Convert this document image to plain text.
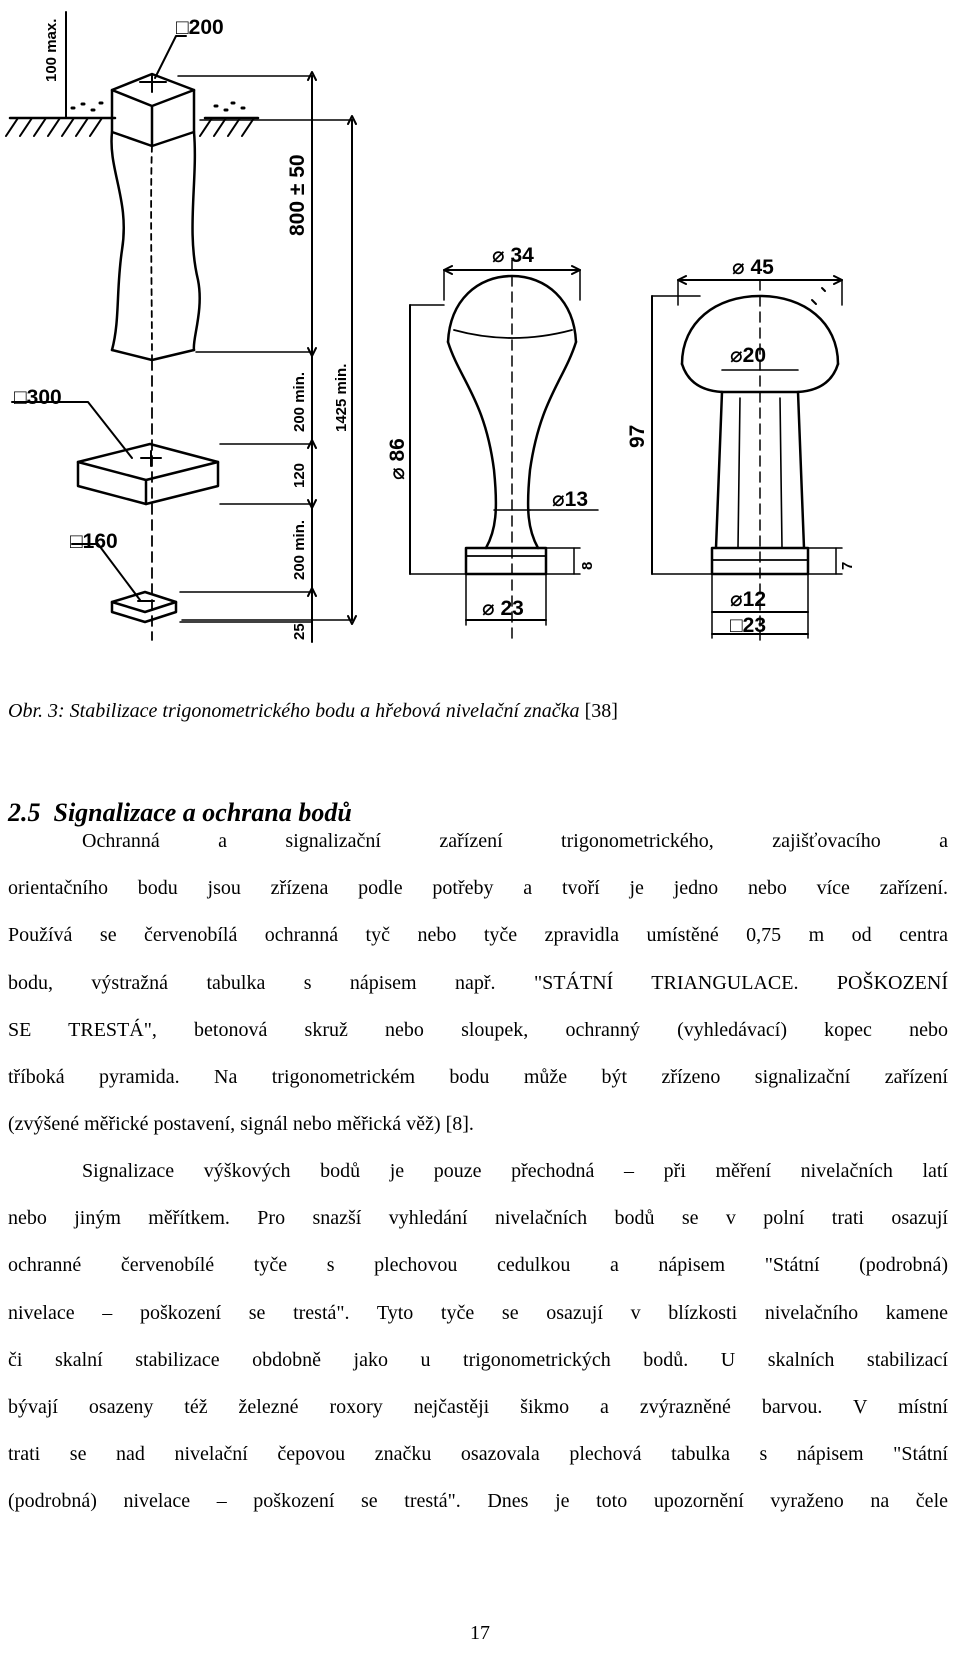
□200
100 max.
800 ± 50
□300	200 min. 1425 min.
120
□160	200 min.
25
⌀ 34
⌀ 86
⌀13
8
⌀ 23
⌀ 45
⌀20
97
7
⌀12
□23
Obr. 3: Stabilizace trigonometrického bodu a hřebová nivelační značka [38]
2.5  Signalizace a ochrana bodů
Ochranná a signalizační zařízení trigonometrického, zajišťovacího a
orientačního bodu jsou zřízena podle potřeby a tvoří je jedno nebo více zařízení.
Používá se červenobílá ochranná tyč nebo tyče zpravidla umístěné 0,75 m od centra
bodu, výstražná tabulka s nápisem např. "STÁTNÍ TRIANGULACE. POŠKOZENÍ
SE TRESTÁ", betonová skruž nebo sloupek, ochranný (vyhledávací) kopec nebo
tříboká pyramida. Na trigonometrickém bodu může být zřízeno signalizační zařízení
(zvýšené měřické postavení, signál nebo měřická věž) [8].
Signalizace výškových bodů je pouze přechodná – při měření nivelačních latí
nebo jiným měřítkem. Pro snazší vyhledání nivelačních bodů se v polní trati osazují
ochranné červenobílé tyče s plechovou cedulkou a nápisem "Státní (podrobná)
nivelace – poškození se trestá". Tyto tyče se osazují v blízkosti nivelačního kamene
či skalní stabilizace obdobně jako u trigonometrických bodů. U skalních stabilizací
bývají osazeny též železné roxory nejčastěji šikmo a zvýrazněné barvou. V místní
trati se nad nivelační čepovou značku osazovala plechová tabulka s nápisem "Státní
(podrobná) nivelace – poškození se trestá". Dnes je toto upozornění vyraženo na čele
17
